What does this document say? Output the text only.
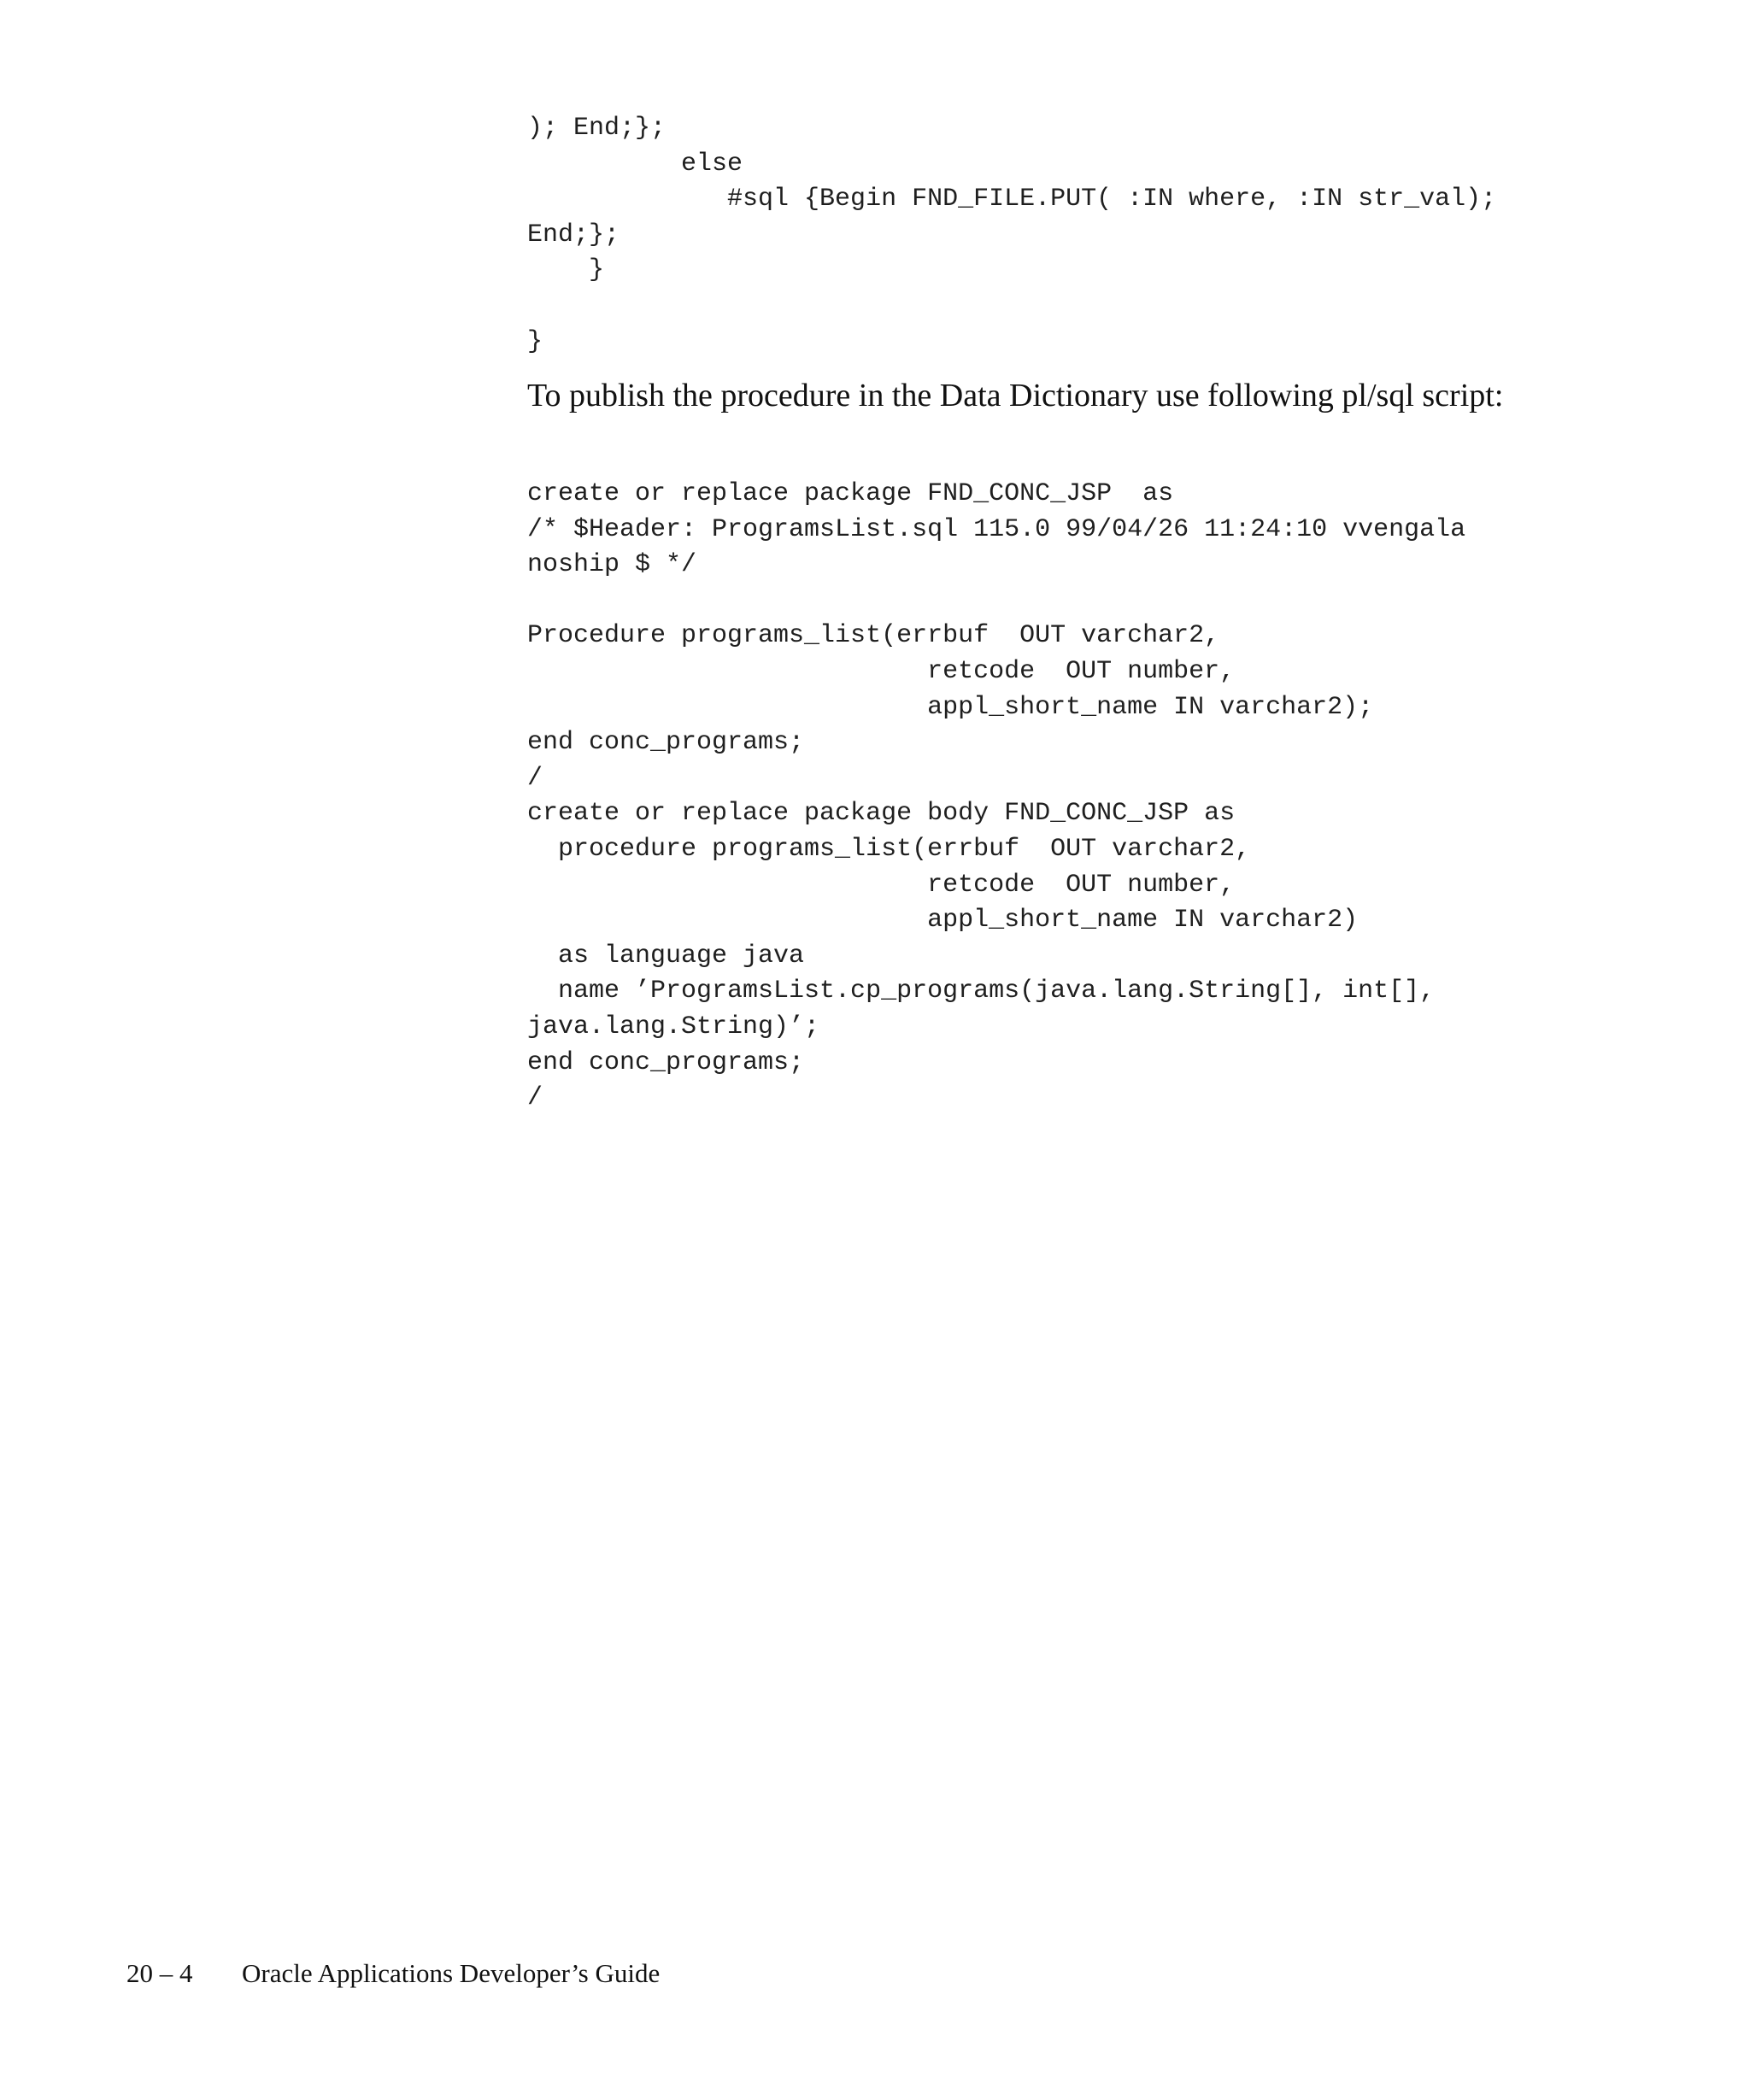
); End;};
else
#sql {Begin FND_FILE.PUT( :IN where, :IN str_val);
End;};
}

}

To publish the procedure in the Data Dictionary use following pl/sql script:

create or replace package FND_CONC_JSP  as
/* $Header: ProgramsList.sql 115.0 99/04/26 11:24:10 vvengala
noship $ */

Procedure programs_list(errbuf  OUT varchar2,
retcode  OUT number,
appl_short_name IN varchar2);
end conc_programs;
/
create or replace package body FND_CONC_JSP as
procedure programs_list(errbuf  OUT varchar2,
retcode  OUT number,
appl_short_name IN varchar2)
as language java
name ’ProgramsList.cp_programs(java.lang.String[], int[],
java.lang.String)’;
end conc_programs;
/
20 – 4 Oracle Applications Developer’s Guide
